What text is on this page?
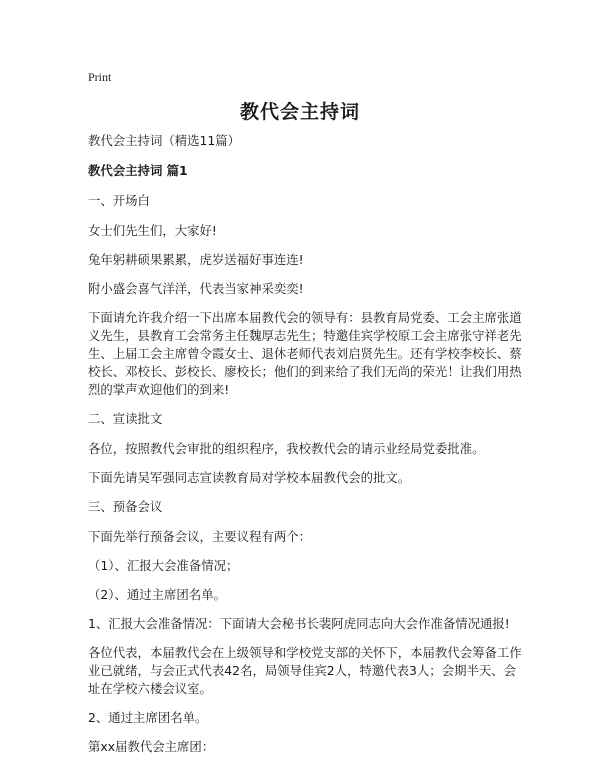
Print
教代会主持词

教代会主持词（精选11篇）

教代会主持词 篇1

一、开场白

女士们先生们，大家好!

兔年躬耕硕果累累，虎岁送福好事连连!

附小盛会喜气洋洋，代表当家神采奕奕!

下面请允许我介绍一下出席本届教代会的领导有：县教育局党委、工会主席张道义先生，县教育工会常务主任魏厚志先生；特邀佳宾学校原工会主席张守祥老先生、上届工会主席曾令霞女士、退休老师代表刘启贤先生。还有学校李校长、蔡校长、邓校长、彭校长、廖校长；他们的到来给了我们无尚的荣光！让我们用热烈的掌声欢迎他们的到来!

二、宣读批文

各位，按照教代会审批的组织程序，我校教代会的请示业经局党委批准。

下面先请吴军强同志宣读教育局对学校本届教代会的批文。

三、预备会议

下面先举行预备会议，主要议程有两个：

（1）、汇报大会准备情况；

（2）、通过主席团名单。

1、汇报大会准备情况：下面请大会秘书长裴阿虎同志向大会作准备情况通报!

各位代表，本届教代会在上级领导和学校党支部的关怀下，本届教代会筹备工作业已就绪，与会正式代表42名，局领导佳宾2人，特邀代表3人；会期半天、会址在学校六楼会议室。

2、通过主席团名单。

第xx届教代会主席团：
